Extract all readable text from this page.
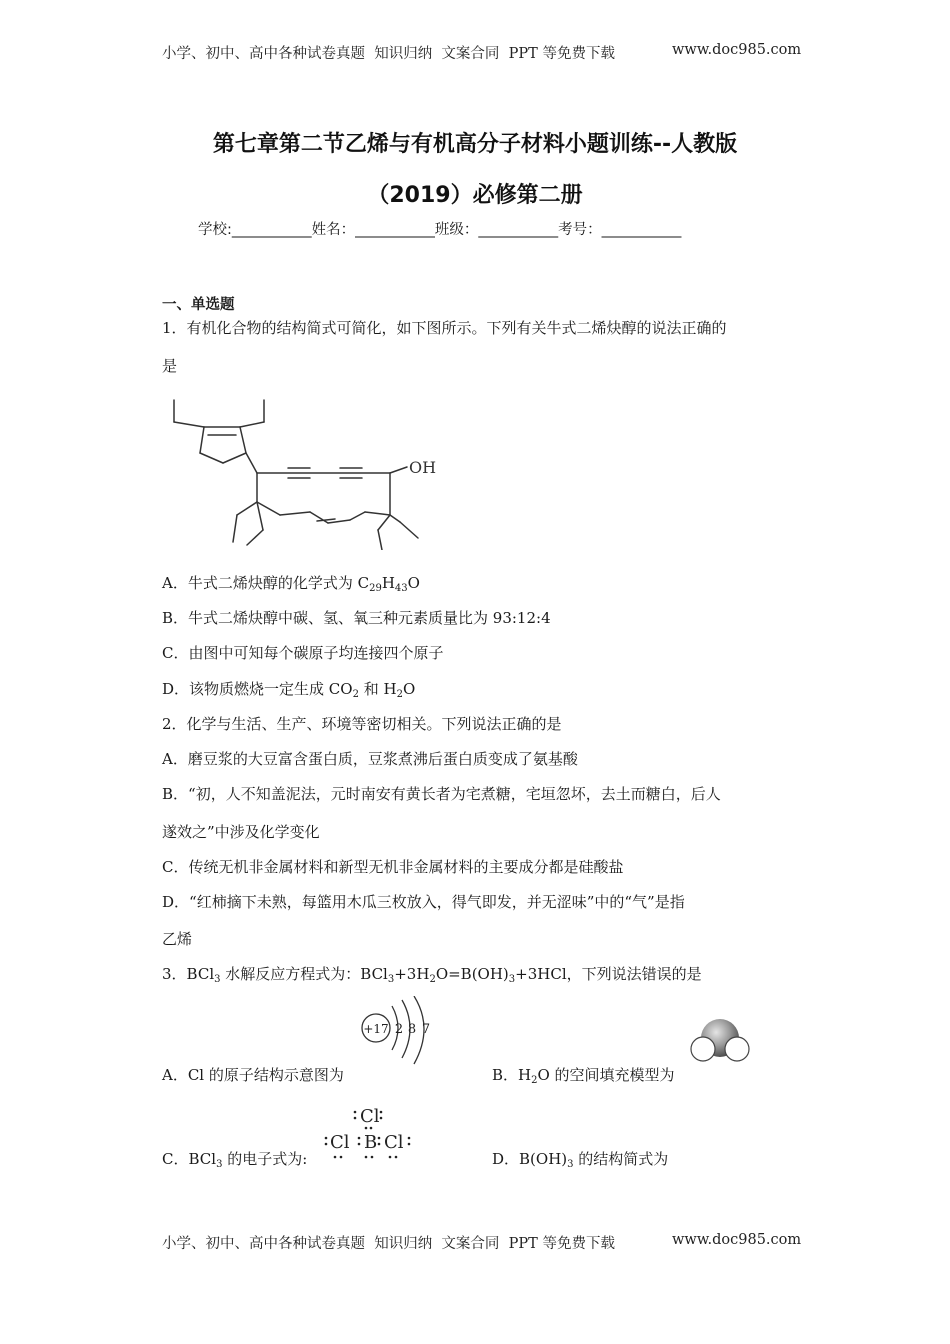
小学、初中、高中各种试卷真题  知识归纳  文案合同  PPT 等免费下载	www.doc985.com
第七章第二节乙烯与有机高分子材料小题训练--人教版
（2019）必修第二册
学校:___________姓名：___________班级：___________考号：___________
一、单选题
1．有机化合物的结构简式可简化，如下图所示。下列有关牛式二烯炔醇的说法正确的
是
OH
A．牛式二烯炔醇的化学式为 $C_{29}H_{43}O$
B．牛式二烯炔醇中碳、氢、氧三种元素质量比为 93:12:4
C．由图中可知每个碳原子均连接四个原子
D．该物质燃烧一定生成 $CO_2$ 和 $H_2O$
2．化学与生活、生产、环境等密切相关。下列说法正确的是
A．磨豆浆的大豆富含蛋白质，豆浆煮沸后蛋白质变成了氨基酸
B．“初，人不知盖泥法，元时南安有黄长者为宅煮糖，宅垣忽坏，去土而糖白，后人
遂效之”中涉及化学变化
C．传统无机非金属材料和新型无机非金属材料的主要成分都是硅酸盐
D．“红柿摘下未熟，每篮用木瓜三枚放入，得气即发，并无涩味”中的“气”是指
乙烯
3．BCl$_3$ 水解反应方程式为：$BCl_3+3H_2O=B(OH)_3+3HCl$，下列说法错误的是
+17 2 8 7
A．Cl 的原子结构示意图为	B．$H_2O$ 的空间填充模型为
Cl
Cl B Cl
C．BCl$_3$ 的电子式为:	D．$B(OH)_3$ 的结构简式为
小学、初中、高中各种试卷真题  知识归纳  文案合同  PPT 等免费下载	www.doc985.com
